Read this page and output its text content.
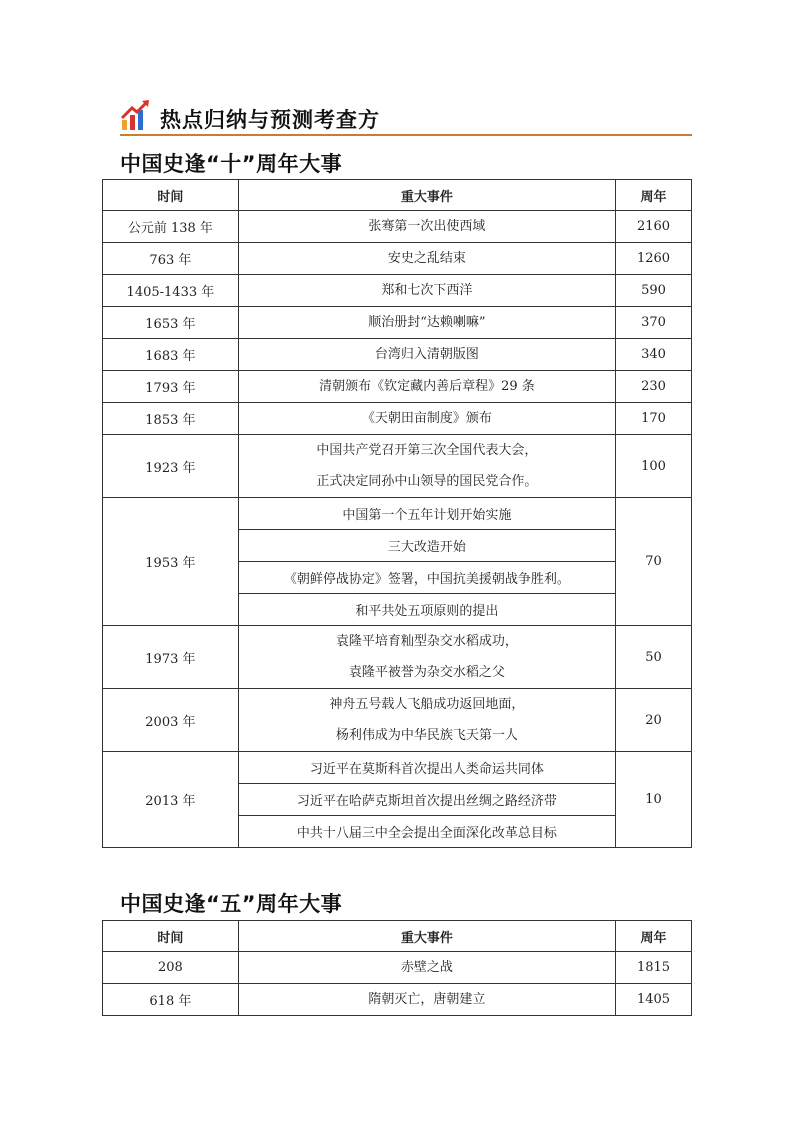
热点归纳与预测考查方
中国史逢“十”周年大事
时间	重大事件	周年
公元前 138 年	张骞第一次出使西域	2160
763 年	安史之乱结束	1260
1405-1433 年	郑和七次下西洋	590
1653 年	顺治册封“达赖喇嘛”	370
1683 年	台湾归入清朝版图	340
1793 年	清朝颁布《钦定藏内善后章程》29 条	230
1853 年	《天朝田亩制度》颁布	170
1923 年	中国共产党召开第三次全国代表大会，
正式决定同孙中山领导的国民党合作。	100
1953 年	中国第一个五年计划开始实施	70
	三大改造开始	
	《朝鲜停战协定》签署，中国抗美援朝战争胜利。	
	和平共处五项原则的提出	
1973 年	袁隆平培育籼型杂交水稻成功，
袁隆平被誉为杂交水稻之父	50
2003 年	神舟五号载人飞船成功返回地面，
杨利伟成为中华民族飞天第一人	20
2013 年	习近平在莫斯科首次提出人类命运共同体	10
	习近平在哈萨克斯坦首次提出丝绸之路经济带	
	中共十八届三中全会提出全面深化改革总目标	
中国史逢“五”周年大事
时间	重大事件	周年
208	赤壁之战	1815
618 年	隋朝灭亡，唐朝建立	1405
